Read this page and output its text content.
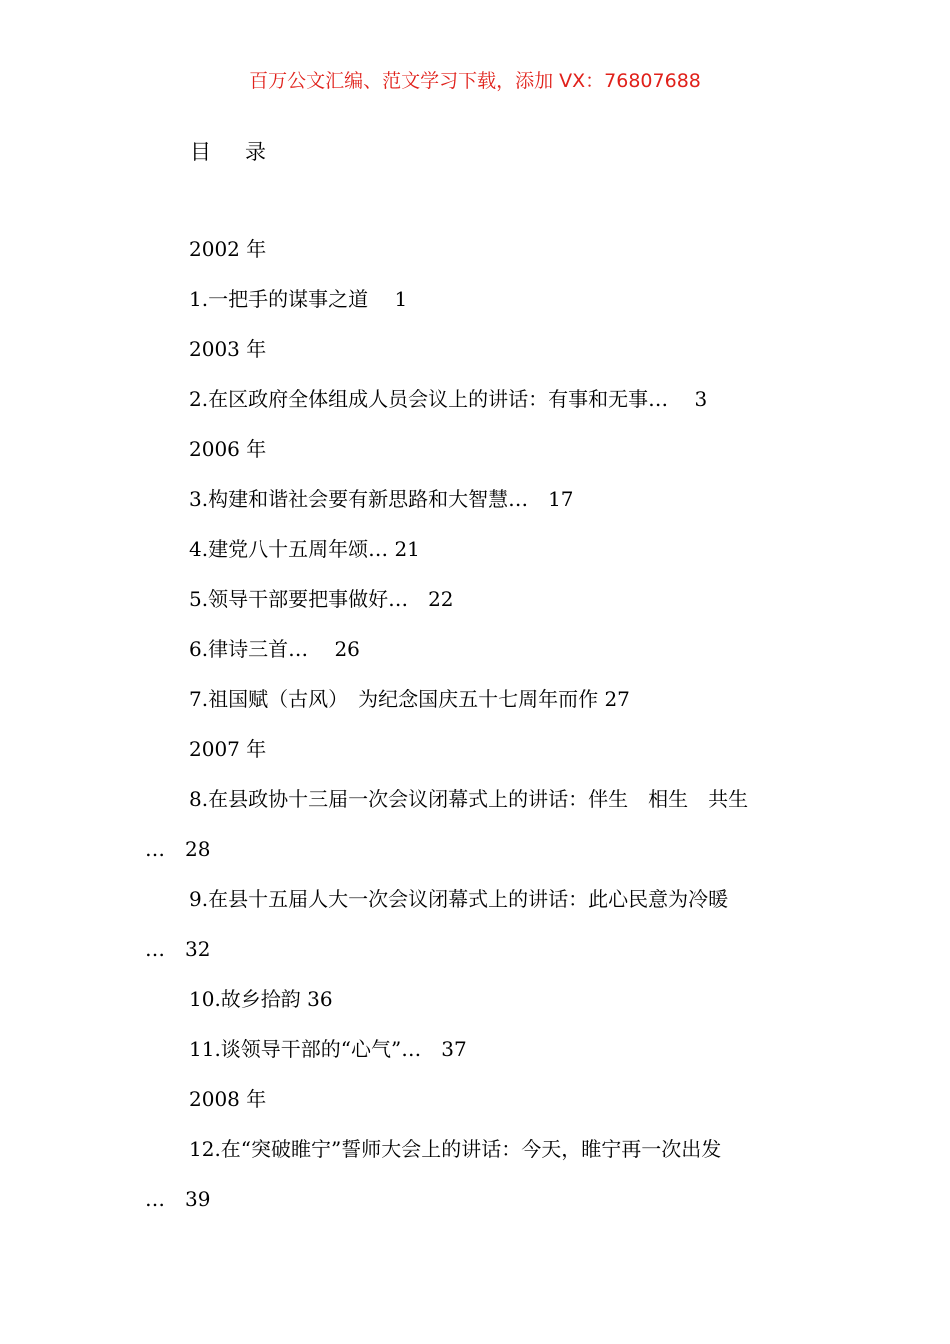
百万公文汇编、范文学习下载，添加 VX：76807688
目 录
2002 年
1.一把手的谋事之道　 1
2003 年
2.在区政府全体组成人员会议上的讲话：有事和无事…　 3
2006 年
3.构建和谐社会要有新思路和大智慧…　17
4.建党八十五周年颂… 21
5.领导干部要把事做好…　22
6.律诗三首…　 26
7.祖国赋（古风）　为纪念国庆五十七周年而作 27
2007 年
8.在县政协十三届一次会议闭幕式上的讲话：伴生　相生　共生
…　28
9.在县十五届人大一次会议闭幕式上的讲话：此心民意为冷暖
…　32
10.故乡拾韵 36
11.谈领导干部的“心气”…　37
2008 年
12.在“突破睢宁”誓师大会上的讲话：今天，睢宁再一次出发
…　39
